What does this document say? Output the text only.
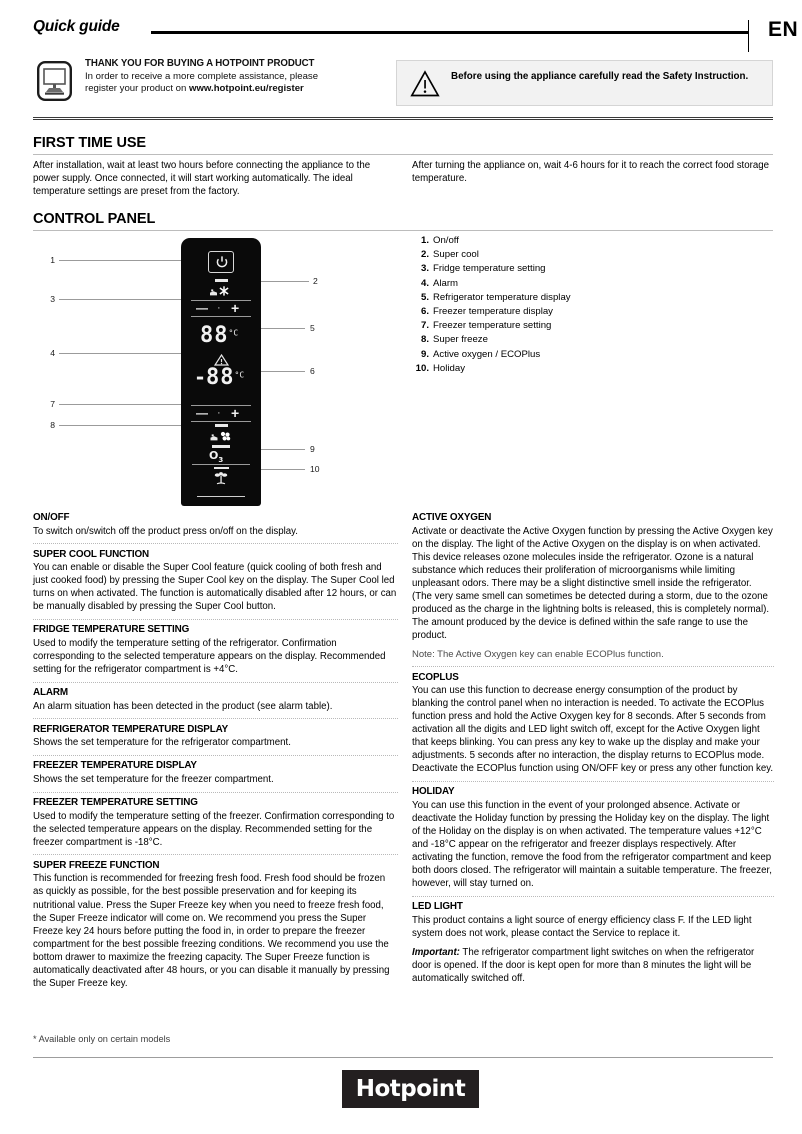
Quick guide	EN
THANK YOU FOR BUYING A HOTPOINT PRODUCT
In order to receive a more complete assistance, please
register your product on www.hotpoint.eu/register
Before using the appliance carefully read the Safety Instruction.
FIRST TIME USE
After installation, wait at least two hours before connecting the appliance to the power supply. Once connected, it will start working automatically. The ideal temperature settings are preset from the factory.
After turning the appliance on, wait 4-6 hours for it to reach the correct food storage temperature.
CONTROL PANEL
1
3
4
7
8
2
5
6
9
10
— · +
$88^{^\circ C}$
$-88^{^\circ C}$
— · +
$O_3$
1. On/off
2. Super cool
3. Fridge temperature setting
4. Alarm
5. Refrigerator temperature display
6. Freezer temperature display
7. Freezer temperature setting
8. Super freeze
9. Active oxygen / ECOPlus
10. Holiday
ON/OFF

To switch on/switch off the product press on/off on the display.

SUPER COOL FUNCTION

You can enable or disable the Super Cool feature (quick cooling of both fresh and just cooked food) by pressing the Super Cool key on the display. The Super Cool led turns on when activated. The function is automatically disabled after 12 hours, or can be manually disabled by pressing the Super Cool button.

FRIDGE TEMPERATURE SETTING

Used to modify the temperature setting of the refrigerator. Confirmation corresponding to the selected temperature appears on the display. Recommended setting for the refrigerator compartment is +4°C.

ALARM

An alarm situation has been detected in the product (see alarm table).

REFRIGERATOR TEMPERATURE DISPLAY

Shows the set temperature for the refrigerator compartment.

FREEZER TEMPERATURE DISPLAY

Shows the set temperature for the freezer compartment.

FREEZER TEMPERATURE SETTING

Used to modify the temperature setting of the freezer. Confirmation corresponding to the selected temperature appears on the display. Recommended setting for the freezer compartment is -18°C.

SUPER FREEZE FUNCTION

This function is recommended for freezing fresh food. Fresh food should be frozen as quickly as possible, for the best possible preservation and for keeping its nutritional value. Press the Super Freeze key when you need to freeze fresh food, the Super Freeze indicator will come on. We recommend you press the Super Freeze key 24 hours before putting the food in, in order to prepare the freezer compartment for the best possible freezing conditions. We recommend you use the bottom drawer to maximize the freezing capacity. The Super Freeze function is automatically deactivated after 48 hours, or you can disable it manually by pressing the Super Freeze key.

ACTIVE OXYGEN

Activate or deactivate the Active Oxygen function by pressing the Active Oxygen key on the display. The light of the Active Oxygen on the display is on when activated. This device releases ozone molecules inside the refrigerator. Ozone is a natural substance which reduces their proliferation of microorganisms while limiting unpleasant odors. There may be a slight distinctive smell inside the refrigerator. (The very same smell can sometimes be detected during a storm, due to the ozone produced as the charge in the lightning bolts is released, this is completely normal). The amount produced by the device is defined within the safe range to use the product.

Note: The Active Oxygen key can enable ECOPlus function.

ECOPLUS

You can use this function to decrease energy consumption of the product by blanking the control panel when no interaction is needed. To activate the ECOPlus function press and hold the Active Oxygen key for 8 seconds. After 5 seconds from activation all the digits and LED light switch off, except for the Active Oxygen light that keeps blinking. You can press any key to wake up the display and make your adjustments. 5 seconds after no interaction, the display returns to ECOPlus mode. Deactivate the ECOPlus function using ON/OFF key or press any other function key.

HOLIDAY

You can use this function in the event of your prolonged absence. Activate or deactivate the Holiday function by pressing the Holiday key on the display. The light of the Holiday on the display is on when activated. The temperature values +12°C and -18°C appear on the refrigerator and freezer displays respectively. After activating the function, remove the food from the refrigerator compartment and keep both doors closed. The refrigerator will maintain a suitable temperature. The freezer, however, will stay turned on.

LED LIGHT

This product contains a light source of energy efficiency class F. If the LED light system does not work, please contact the Service to replace it.

Important: The refrigerator compartment light switches on when the refrigerator door is opened. If the door is kept open for more than 8 minutes the light will be automatically switched off.

* Available only on certain models
Hotpoint
